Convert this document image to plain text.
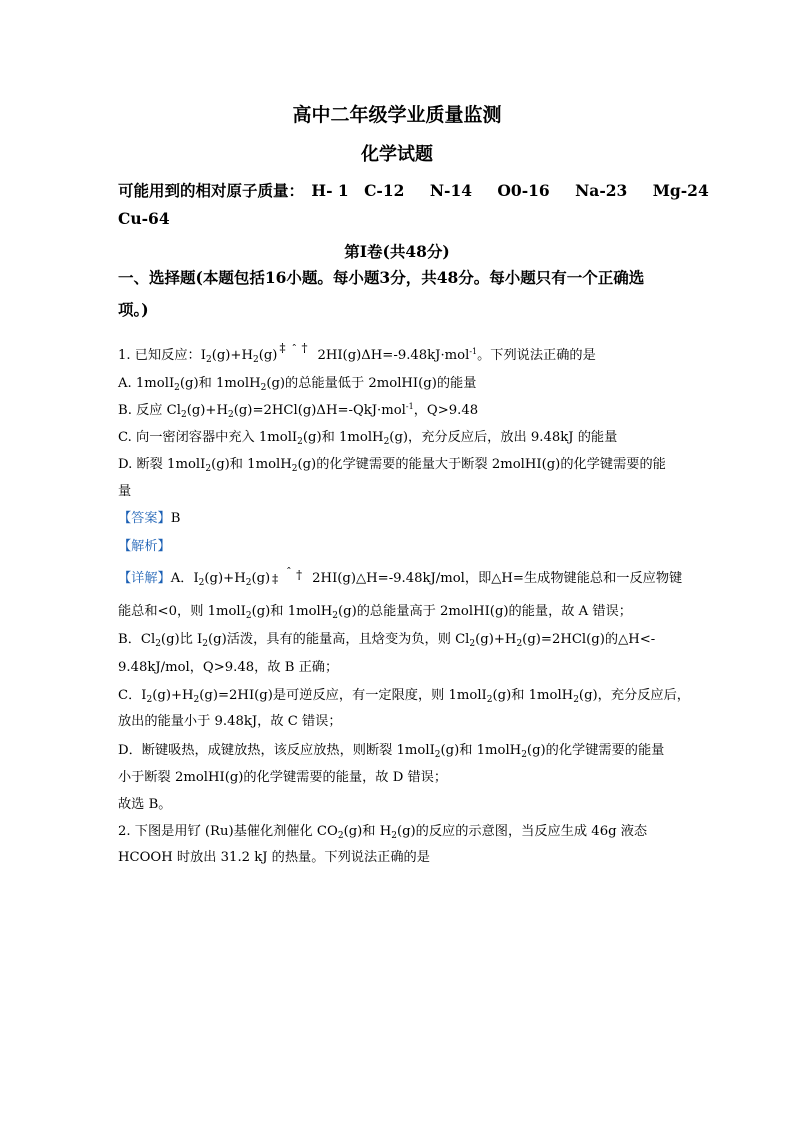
高中二年级学业质量监测
化学试题
可能用到的相对原子质量： H- 1 C-12 N-14 O0-16 Na-23 Mg-24
Cu-64
第I卷(共48分)
一、选择题(本题包括16小题。每小题3分，共48分。每小题只有一个正确选
项。)
1. 已知反应：$I_2(g)+H_2(g)$ ‡ ˆ † 2HI(g)ΔH=-9.48kJ·mol$^{-1}$。下列说法正确的是
A. 1molI$_2$(g)和 1molH$_2$(g)的总能量低于 2molHI(g)的能量
B. 反应 $Cl_2(g)+H_2(g)=2HCl(g)\Delta H=-QkJ\cdot mol^{-1}$，Q>9.48
C. 向一密闭容器中充入 1molI$_2$(g)和 1molH$_2$(g)，充分反应后，放出 9.48kJ 的能量
D. 断裂 1molI$_2$(g)和 1molH$_2$(g)的化学键需要的能量大于断裂 2molHI(g)的化学键需要的能
量
【答案】B
【解析】
【详解】A．$I_2(g)+H_2(g)$ ‡ ˆ † 2HI(g)△H=-9.48kJ/mol，即△H=生成物键能总和一反应物键
能总和<0，则 1molI$_2$(g)和 1molH$_2$(g)的总能量高于 2molHI(g)的能量，故 A 错误；
B．$Cl_2(g)$比 $I_2(g)$活泼，具有的能量高，且焓变为负，则 $Cl_2(g)+H_2(g)=2HCl(g)$的△H<-
9.48kJ/mol，Q>9.48，故 B 正确；
C．$I_2(g)+H_2(g)=2HI(g)$是可逆反应，有一定限度，则 1molI$_2$(g)和 1molH$_2$(g)，充分反应后，
放出的能量小于 9.48kJ，故 C 错误；
D．断键吸热，成键放热，该反应放热，则断裂 1molI$_2$(g)和 1molH$_2$(g)的化学键需要的能量
小于断裂 2molHI(g)的化学键需要的能量，故 D 错误；
故选 B。
2. 下图是用钌 (Ru)基催化剂催化 $CO_2(g)$和 $H_2(g)$的反应的示意图，当反应生成 46g 液态
HCOOH 时放出 31.2 kJ 的热量。下列说法正确的是
